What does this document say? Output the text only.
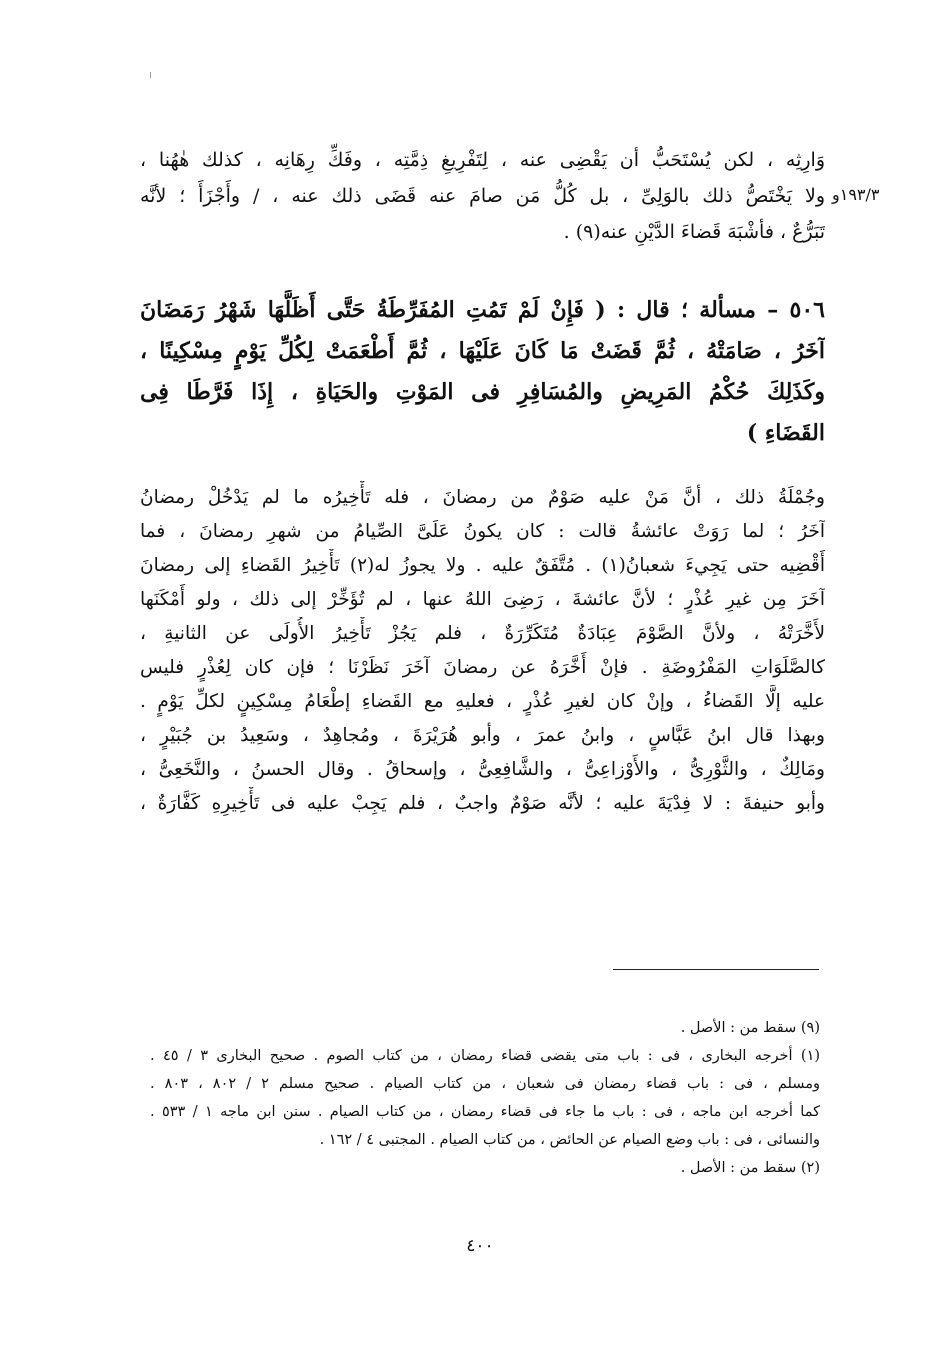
١٩٣/٣و
وَارِثِه ، لكن يُسْتَحَبُّ أن يَقْضِى عنه ، لِتَفْرِيغِ ذِمَّتِه ، وفَكِّ رِهَانِه ، كذلك هٰهُنا ،
ولا يَخْتَصُّ ذلك بالوَلِىِّ ، بل كُلُّ مَن صامَ عنه قَضَى ذلك عنه ، / وأَجْزَأَ ؛ لأنَّه
تَبَرُّعٌ ، فأشْبَهَ قَضاءَ الدَّيْنِ عنه(٩) .
٥٠٦ – مسألة ؛ قال : ( فَإِنْ لَمْ تَمُتِ المُفَرِّطَةُ حَتَّى أَظَلَّهَا شَهْرُ رَمَضَانَ
آخَرُ ، صَامَتْهُ ، ثُمَّ قَضَتْ مَا كَانَ عَلَيْهَا ، ثُمَّ أَطْعَمَتْ لِكُلِّ يَوْمٍ مِسْكِينًا ،
وكَذَلِكَ حُكْمُ المَرِيضِ والمُسَافِرِ فى المَوْتِ والحَيَاةِ ، إِذَا فَرَّطَا فِى
القَضَاءِ )
وجُمْلَةُ ذلك ، أنَّ مَنْ عليه صَوْمٌ من رمضانَ ، فله تَأْخِيرُه ما لم يَدْخُلْ رمضانُ
آخَرُ ؛ لما رَوَتْ عائشةُ قالت : كان يكونُ عَلَىَّ الصِّيامُ من شهرِ رمضانَ ، فما
أَقْضِيه حتى يَجِيءَ شعبانُ(١) . مُتَّفَقٌ عليه . ولا يجوزُ له(٢) تَأْخِيرُ القَضاءِ إلى رمضانَ
آخَرَ مِن غيرِ عُذْرٍ ؛ لأنَّ عائشةَ ، رَضِىَ اللهُ عنها ، لم تُؤَخِّرْ إلى ذلك ، ولو أَمْكَنَها
لأَخَّرَتْهُ ، ولأنَّ الصَّوْمَ عِبَادَةٌ مُتَكَرِّرَةٌ ، فلم يَجُزْ تَأْخِيرُ الأُولَى عن الثانيةِ ،
كالصَّلَوَاتِ المَفْرُوضَةِ . فإنْ أَخَّرَهُ عن رمضانَ آخَرَ نَظَرْنَا ؛ فإن كان لِعُذْرٍ فليس
عليه إلَّا القَضاءُ ، وإنْ كان لغيرِ عُذْرٍ ، فعليهِ مع القَضاءِ إطْعَامُ مِسْكِينٍ لكلِّ يَوْمٍ .
وبهذا قال ابنُ عَبَّاسٍ ، وابنُ عمرَ ، وأبو هُرَيْرَةَ ، ومُجاهِدٌ ، وسَعِيدُ بن جُبَيْرٍ ،
ومَالِكٌ ، والثَّوْرِىُّ ، والأَوْزاعِىُّ ، والشَّافِعِىُّ ، وإسحاقُ . وقال الحسنُ ، والنَّخَعِىُّ ،
وأبو حنيفةَ : لا فِدْيَةَ عليه ؛ لأنَّه صَوْمٌ واجبٌ ، فلم يَجِبْ عليه فى تَأْخِيرِهِ كَفَّارَةٌ ،
(٩) سقط من : الأصل .
(١) أخرجه البخارى ، فى : باب متى يقضى قضاء رمضان ، من كتاب الصوم . صحيح البخارى ٣ / ٤٥ .
ومسلم ، فى : باب قضاء رمضان فى شعبان ، من كتاب الصيام . صحيح مسلم ٢ / ٨٠٢ ، ٨٠٣ .
كما أخرجه ابن ماجه ، فى : باب ما جاء فى قضاء رمضان ، من كتاب الصيام . سنن ابن ماجه ١ / ٥٣٣ .
والنسائى ، فى : باب وضع الصيام عن الحائض ، من كتاب الصيام . المجتبى ٤ / ١٦٢ .
(٢) سقط من : الأصل .
٤٠٠
